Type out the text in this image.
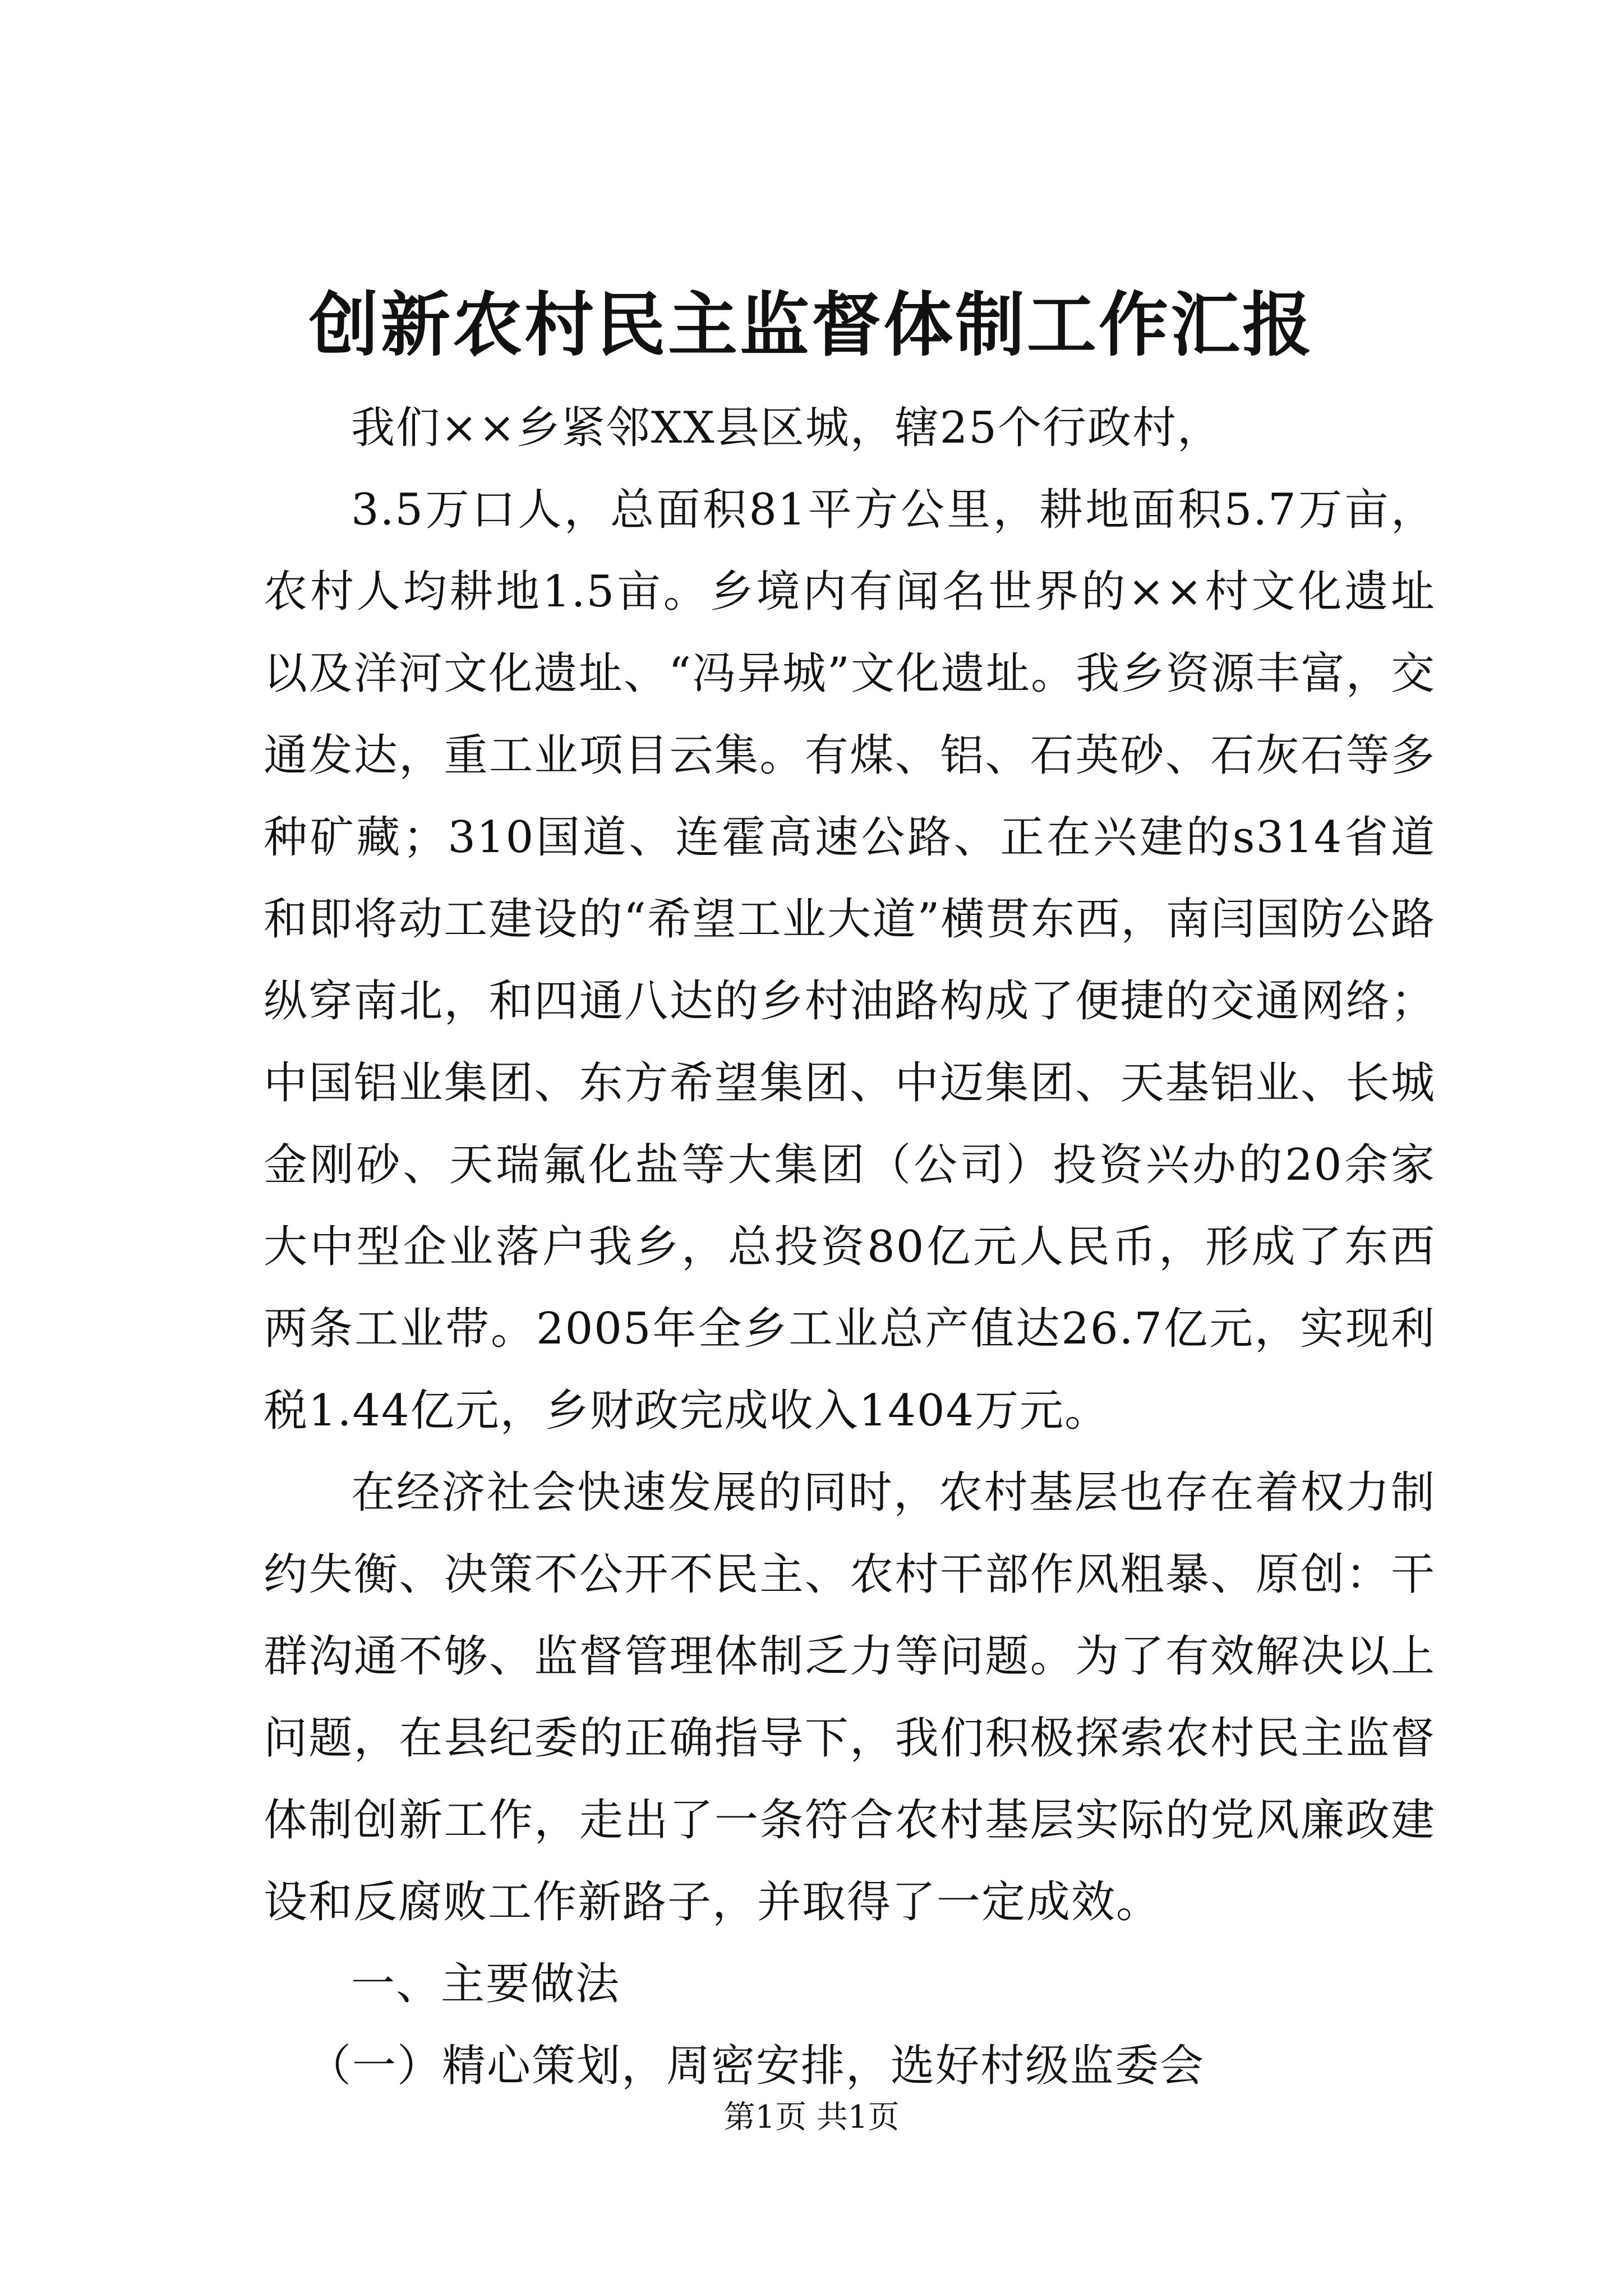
创新农村民主监督体制工作汇报

我们××乡紧邻XX县区城，辖25个行政村，

3.5万口人，总面积81平方公里，耕地面积5.7万亩，农村人均耕地1.5亩。乡境内有闻名世界的××村文化遗址以及洋河文化遗址、“冯异城”文化遗址。我乡资源丰富，交通发达，重工业项目云集。有煤、铝、石英砂、石灰石等多种矿藏；310国道、连霍高速公路、正在兴建的s314省道和即将动工建设的“希望工业大道”横贯东西，南闫国防公路纵穿南北，和四通八达的乡村油路构成了便捷的交通网络；中国铝业集团、东方希望集团、中迈集团、天基铝业、长城金刚砂、天瑞氟化盐等大集团（公司）投资兴办的20余家大中型企业落户我乡，总投资80亿元人民币，形成了东西两条工业带。2005年全乡工业总产值达26.7亿元，实现利税1.44亿元，乡财政完成收入1404万元。

在经济社会快速发展的同时，农村基层也存在着权力制约失衡、决策不公开不民主、农村干部作风粗暴、原创：干群沟通不够、监督管理体制乏力等问题。为了有效解决以上问题，在县纪委的正确指导下，我们积极探索农村民主监督体制创新工作，走出了一条符合农村基层实际的党风廉政建设和反腐败工作新路子，并取得了一定成效。

一、主要做法

（一）精心策划，周密安排，选好村级监委会

第1页 共1页
